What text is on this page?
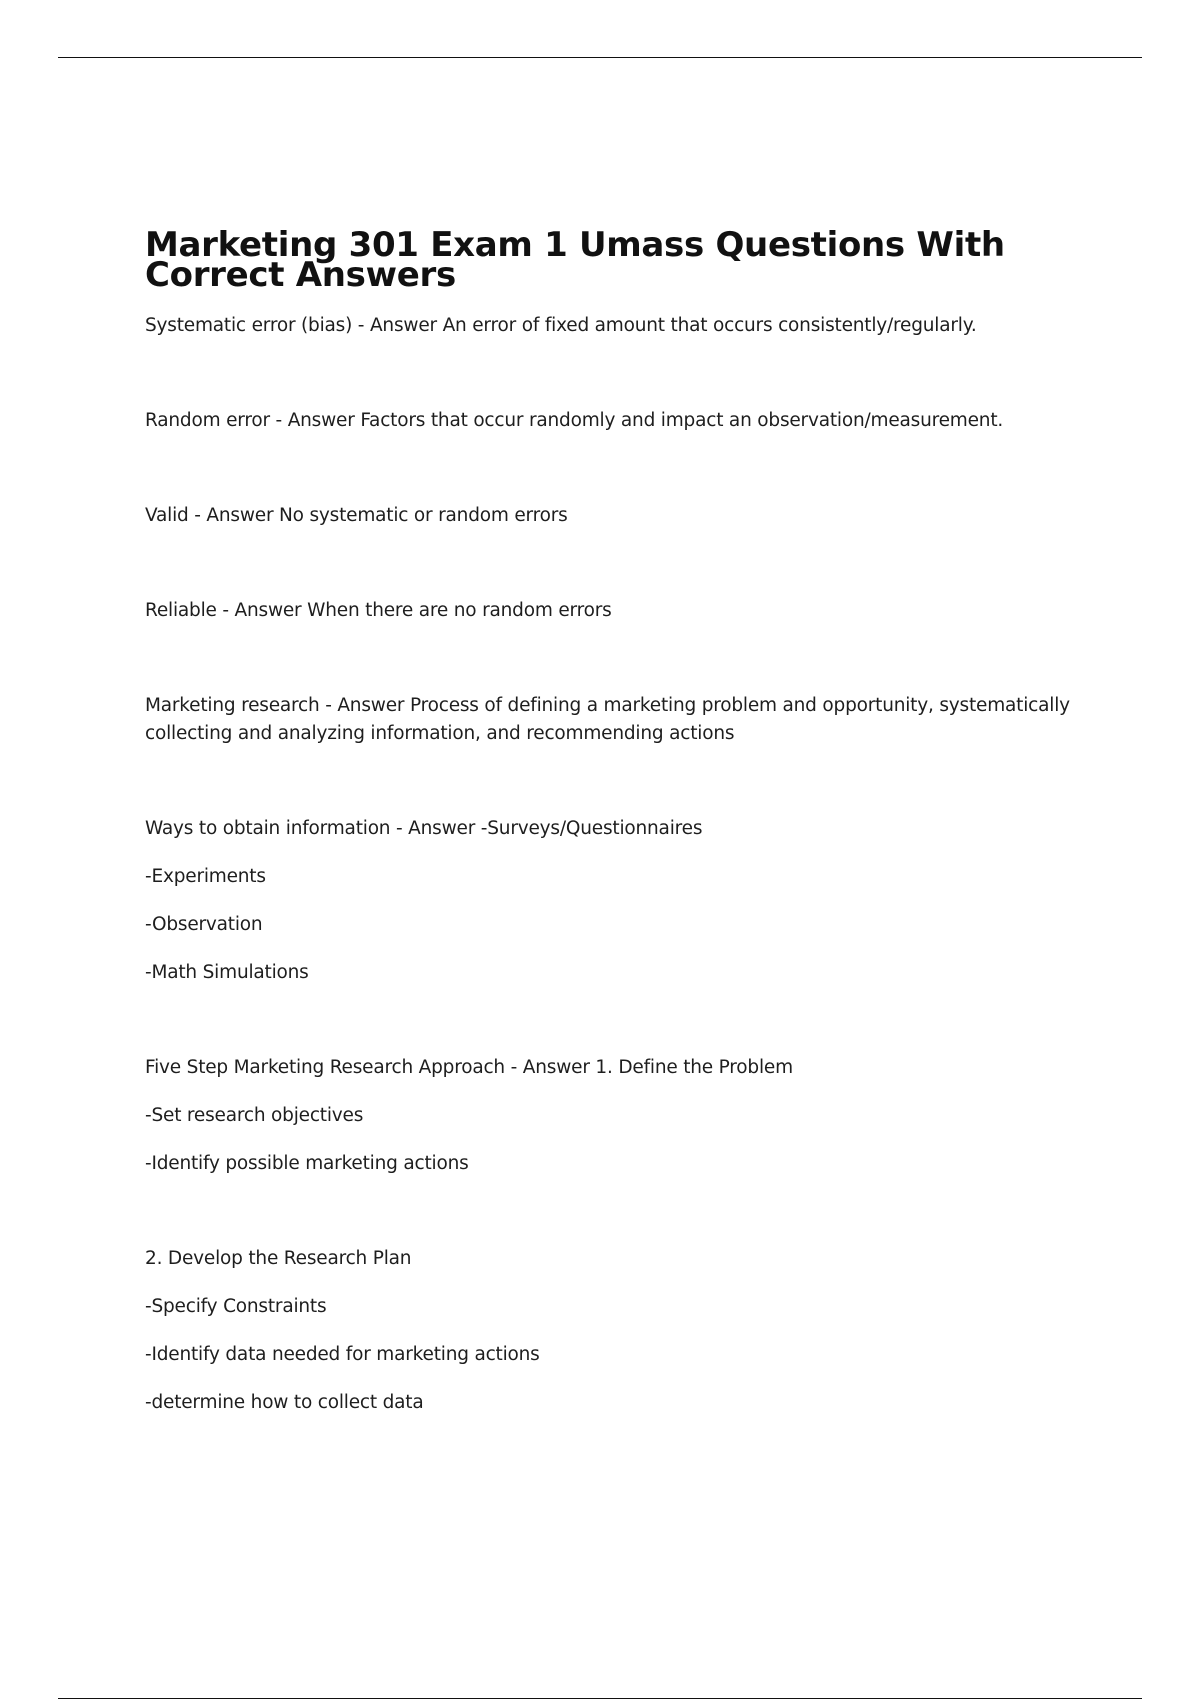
Marketing 301 Exam 1 Umass Questions With Correct Answers

Systematic error (bias) - Answer An error of fixed amount that occurs consistently/regularly.

Random error - Answer Factors that occur randomly and impact an observation/measurement.

Valid - Answer No systematic or random errors

Reliable - Answer When there are no random errors

Marketing research - Answer Process of defining a marketing problem and opportunity, systematically collecting and analyzing information, and recommending actions

Ways to obtain information - Answer -Surveys/Questionnaires

-Experiments

-Observation

-Math Simulations

Five Step Marketing Research Approach - Answer 1. Define the Problem

-Set research objectives

-Identify possible marketing actions

2. Develop the Research Plan

-Specify Constraints

-Identify data needed for marketing actions

-determine how to collect data
